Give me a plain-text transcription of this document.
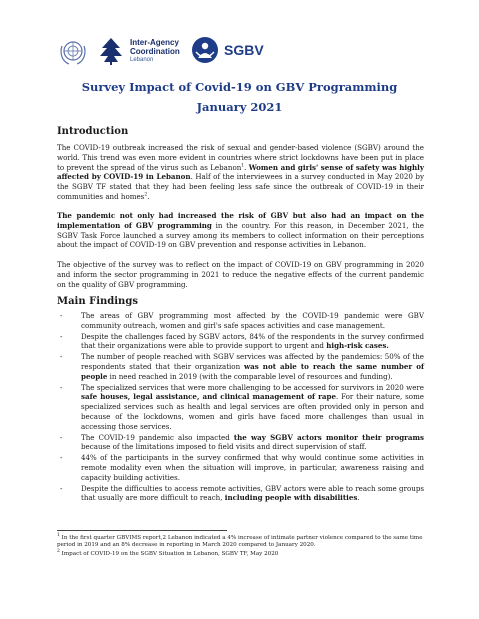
Inter-Agency
Coordination
Lebanon
SGBV
Survey Impact of Covid-19 on GBV Programming
January 2021
Introduction

The COVID-19 outbreak increased the risk of sexual and gender-based violence (SGBV) around the world. This trend was even more evident in countries where strict lockdowns have been put in place to prevent the spread of the virus such as Lebanon$^1$. Women and girls' sense of safety was highly affected by COVID-19 in Lebanon. Half of the interviewees in a survey conducted in May 2020 by the SGBV TF stated that they had been feeling less safe since the outbreak of COVID-19 in their communities and homes$^2$.

The pandemic not only had increased the risk of GBV but also had an impact on the implementation of GBV programming in the country. For this reason, in December 2021, the SGBV Task Force launched a survey among its members to collect information on their perceptions about the impact of COVID-19 on GBV prevention and response activities in Lebanon.

The objective of the survey was to reflect on the impact of COVID-19 on GBV programming in 2020 and inform the sector programming in 2021 to reduce the negative effects of the current pandemic on the quality of GBV programming.

Main Findings
-	The areas of GBV programming most affected by the COVID-19 pandemic were GBV community outreach, women and girl's safe spaces activities and case management.
-	Despite the challenges faced by SGBV actors, 84% of the respondents in the survey confirmed that their organizations were able to provide support to urgent and high-risk cases.
-	The number of people reached with SGBV services was affected by the pandemics: 50% of the respondents stated that their organization was not able to reach the same number of people in need reached in 2019 (with the comparable level of resources and funding).
-	The specialized services that were more challenging to be accessed for survivors in 2020 were safe houses, legal assistance, and clinical management of rape. For their nature, some specialized services such as health and legal services are often provided only in person and because of the lockdowns, women and girls have faced more challenges than usual in accessing those services.
-	The COVID-19 pandemic also impacted the way SGBV actors monitor their programs because of the limitations imposed to field visits and direct supervision of staff.
-	44% of the participants in the survey confirmed that why would continue some activities in remote modality even when the situation will improve, in particular, awareness raising and capacity building activities.
-	Despite the difficulties to access remote activities, GBV actors were able to reach some groups that usually are more difficult to reach, including people with disabilities.

$^1$ In the first quarter GBVIMS report,2 Lebanon indicated a 4% increase of intimate partner violence compared to the same time period in 2019 and an 8% decrease in reporting in March 2020 compared to January 2020.

$^2$ Impact of COVID-19 on the SGBV Situation in Lebanon, SGBV TF, May 2020
